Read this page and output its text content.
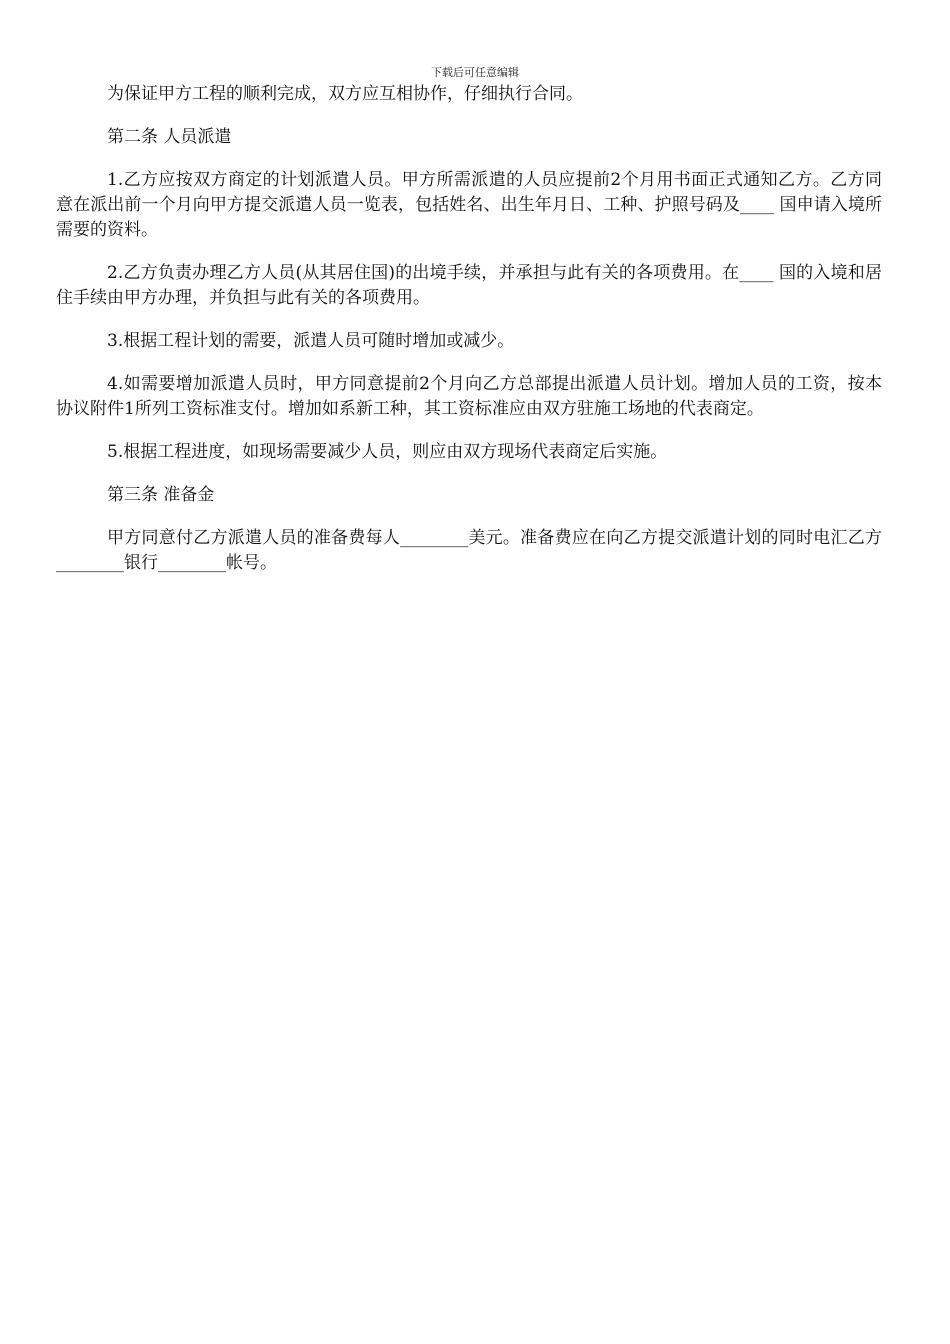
下载后可任意编辑

为保证甲方工程的顺利完成，双方应互相协作，仔细执行合同。

第二条 人员派遣

1.乙方应按双方商定的计划派遣人员。甲方所需派遣的人员应提前2个月用书面正式通知乙方。乙方同意在派出前一个月向甲方提交派遣人员一览表，包括姓名、出生年月日、工种、护照号码及____ 国申请入境所需要的资料。

2.乙方负责办理乙方人员(从其居住国)的出境手续，并承担与此有关的各项费用。在____ 国的入境和居住手续由甲方办理，并负担与此有关的各项费用。

3.根据工程计划的需要，派遣人员可随时增加或减少。

4.如需要增加派遣人员时，甲方同意提前2个月向乙方总部提出派遣人员计划。增加人员的工资，按本协议附件1所列工资标准支付。增加如系新工种，其工资标准应由双方驻施工场地的代表商定。

5.根据工程进度，如现场需要减少人员，则应由双方现场代表商定后实施。

第三条 准备金

甲方同意付乙方派遣人员的准备费每人________美元。准备费应在向乙方提交派遣计划的同时电汇乙方________银行________帐号。
